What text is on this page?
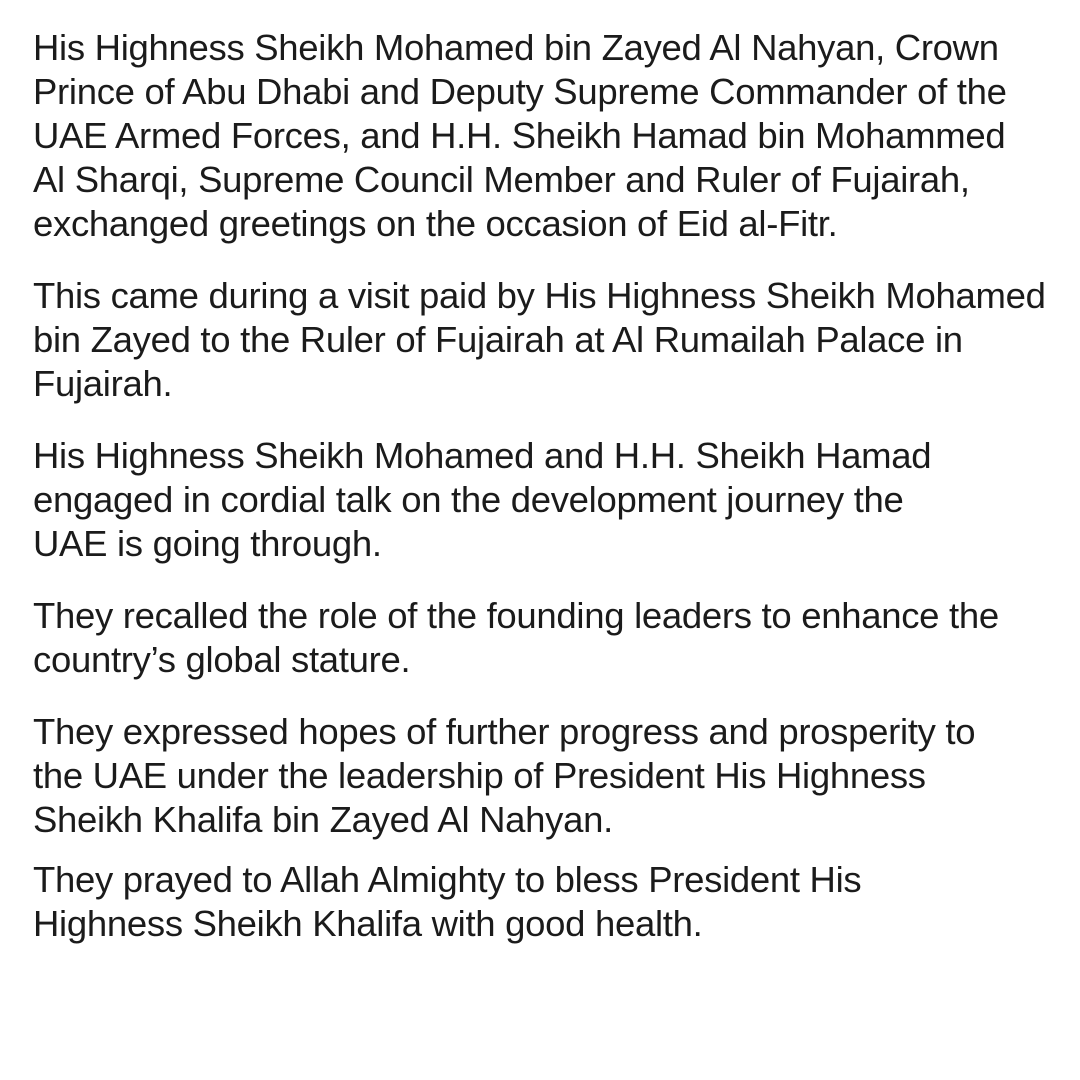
His Highness Sheikh Mohamed bin Zayed Al Nahyan, Crown
Prince of Abu Dhabi and Deputy Supreme Commander of the
UAE Armed Forces, and H.H. Sheikh Hamad bin Mohammed
Al Sharqi, Supreme Council Member and Ruler of Fujairah,
exchanged greetings on the occasion of Eid al-Fitr.

This came during a visit paid by His Highness Sheikh Mohamed
bin Zayed to the Ruler of Fujairah at Al Rumailah Palace in
Fujairah.

His Highness Sheikh Mohamed and H.H. Sheikh Hamad
engaged in cordial talk on the development journey the
UAE is going through.

They recalled the role of the founding leaders to enhance the
country’s global stature.

They expressed hopes of further progress and prosperity to
the UAE under the leadership of President His Highness
Sheikh Khalifa bin Zayed Al Nahyan.

They prayed to Allah Almighty to bless President His
Highness Sheikh Khalifa with good health.
